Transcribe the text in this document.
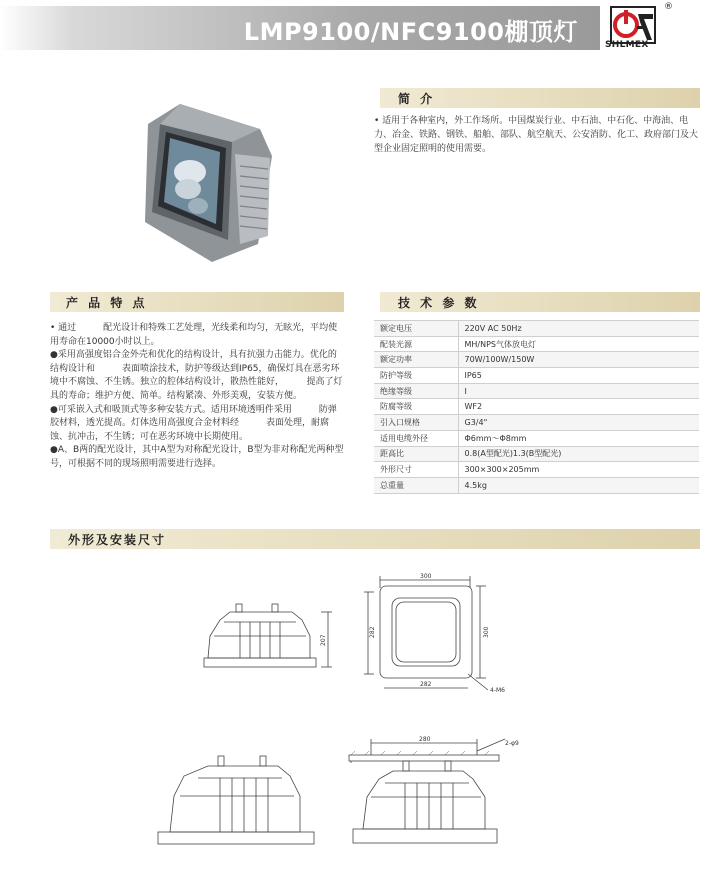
LMP9100/NFC9100棚顶灯
®
SHLMEX
简 介
• 适用于各种室内，外工作场所。中国煤炭行业、中石油、中石化、中海油、电力、冶金、铁路、钢铁、船舶、部队、航空航天、公安消防、化工、政府部门及大型企业固定照明的使用需要。
产 品 特 点

• 通过　　　配光设计和特殊工艺处理，光线柔和均匀，无眩光，平均使用寿命在10000小时以上。

●采用高强度铝合金外壳和优化的结构设计，具有抗强力击能力。优化的结构设计和　　　表面喷涂技术，防护等级达到IP65，确保灯具在恶劣环境中不腐蚀、不生锈。独立的腔体结构设计，散热性能好，　　　提高了灯具的寿命；维护方便、简单。结构紧凑、外形美观，安装方便。

●可采嵌入式和吸顶式等多种安装方式。适用环境透明件采用　　　防弹胶材料，透光提高。灯体选用高强度合金材料经　　　表面处理，耐腐蚀、抗冲击，不生锈；可在恶劣环境中长期使用。

●A、B两的配光设计，其中A型为对称配光设计，B型为非对称配光两种型号，可根据不同的现场照明需要进行选择。

技 术 参 数
额定电压	220V AC 50Hz
配装光源	MH/NPS气体放电灯
额定功率	70W/100W/150W
防护等级	IP65
绝缘等级	I
防腐等级	WF2
引入口规格	G3/4"
适用电缆外径	Φ6mm～Φ8mm
距高比	0.8(A型配光)1.3(B型配光)
外形尺寸	300×300×205mm
总重量	4.5kg
外形及安装尺寸
207
300
282	300
282
4-M6
280
2-φ9
